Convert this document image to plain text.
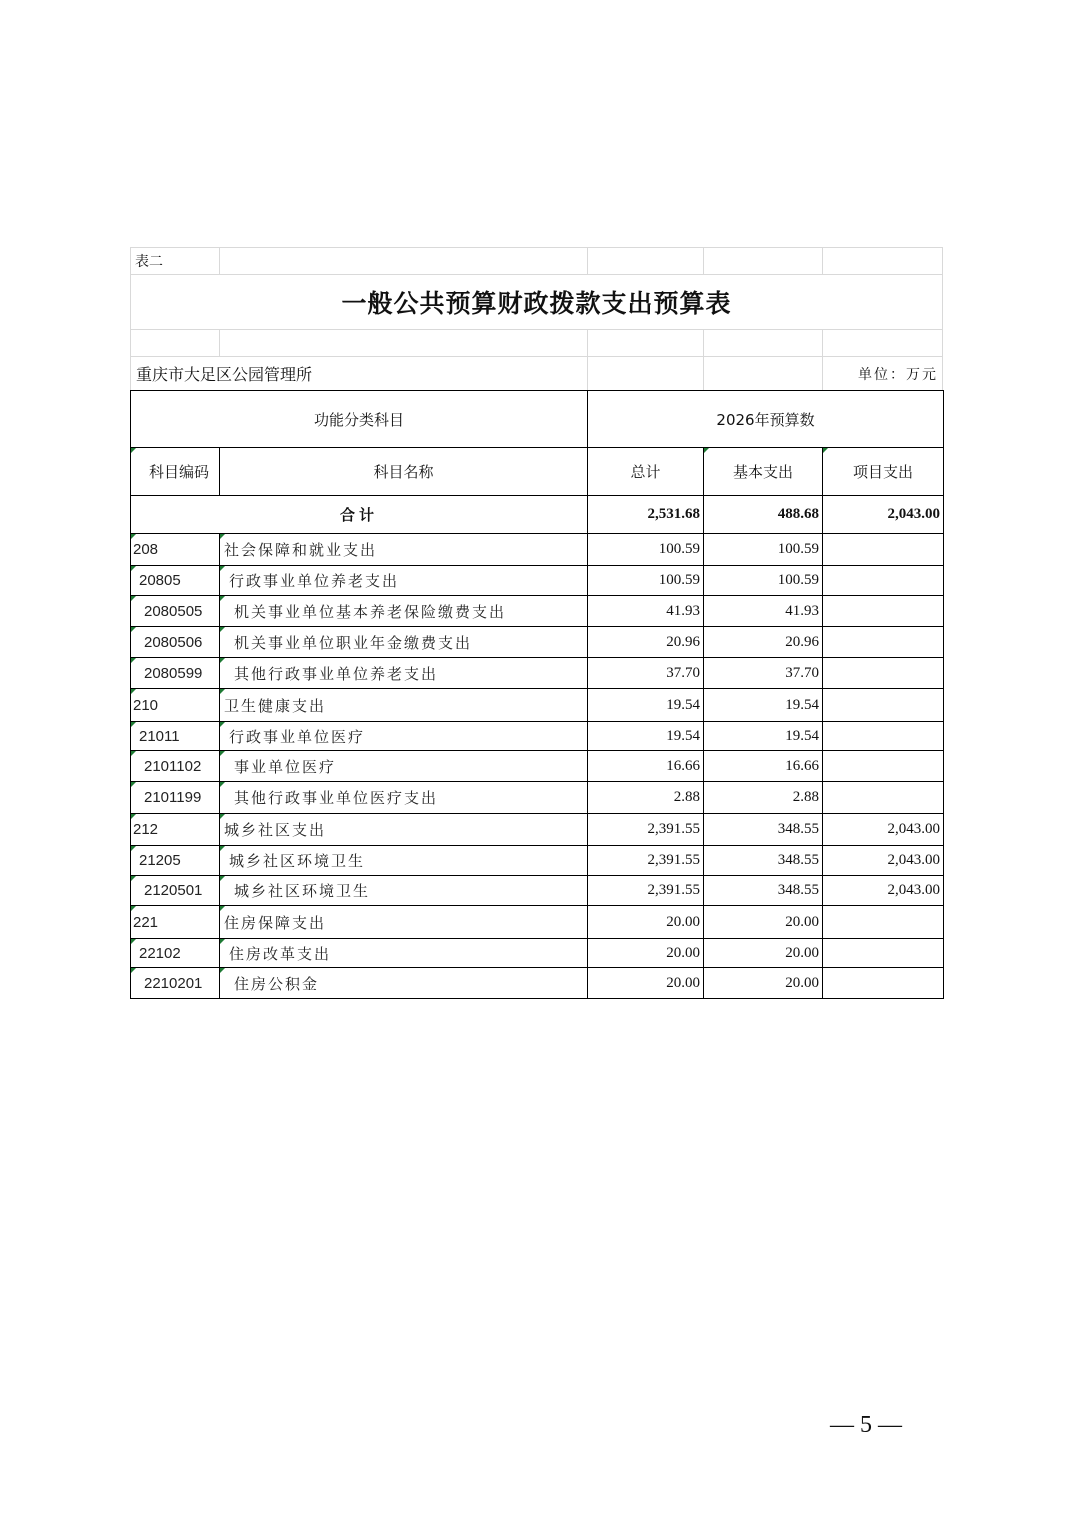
表二
一般公共预算财政拨款支出预算表
重庆市大足区公园管理所	单位：万元
功能分类科目		2026年预算数		

科目编码	科目名称	总计	基本支出	项目支出
合计		2,531.68	488.68	2,043.00
208	社会保障和就业支出	100.59	100.59	
20805	行政事业单位养老支出	100.59	100.59	
2080505	机关事业单位基本养老保险缴费支出	41.93	41.93	
2080506	机关事业单位职业年金缴费支出	20.96	20.96	
2080599	其他行政事业单位养老支出	37.70	37.70	
210	卫生健康支出	19.54	19.54	
21011	行政事业单位医疗	19.54	19.54	
2101102	事业单位医疗	16.66	16.66	
2101199	其他行政事业单位医疗支出	2.88	2.88	
212	城乡社区支出	2,391.55	348.55	2,043.00
21205	城乡社区环境卫生	2,391.55	348.55	2,043.00
2120501	城乡社区环境卫生	2,391.55	348.55	2,043.00
221	住房保障支出	20.00	20.00	
22102	住房改革支出	20.00	20.00	
2210201	住房公积金	20.00	20.00	
— 5 —
